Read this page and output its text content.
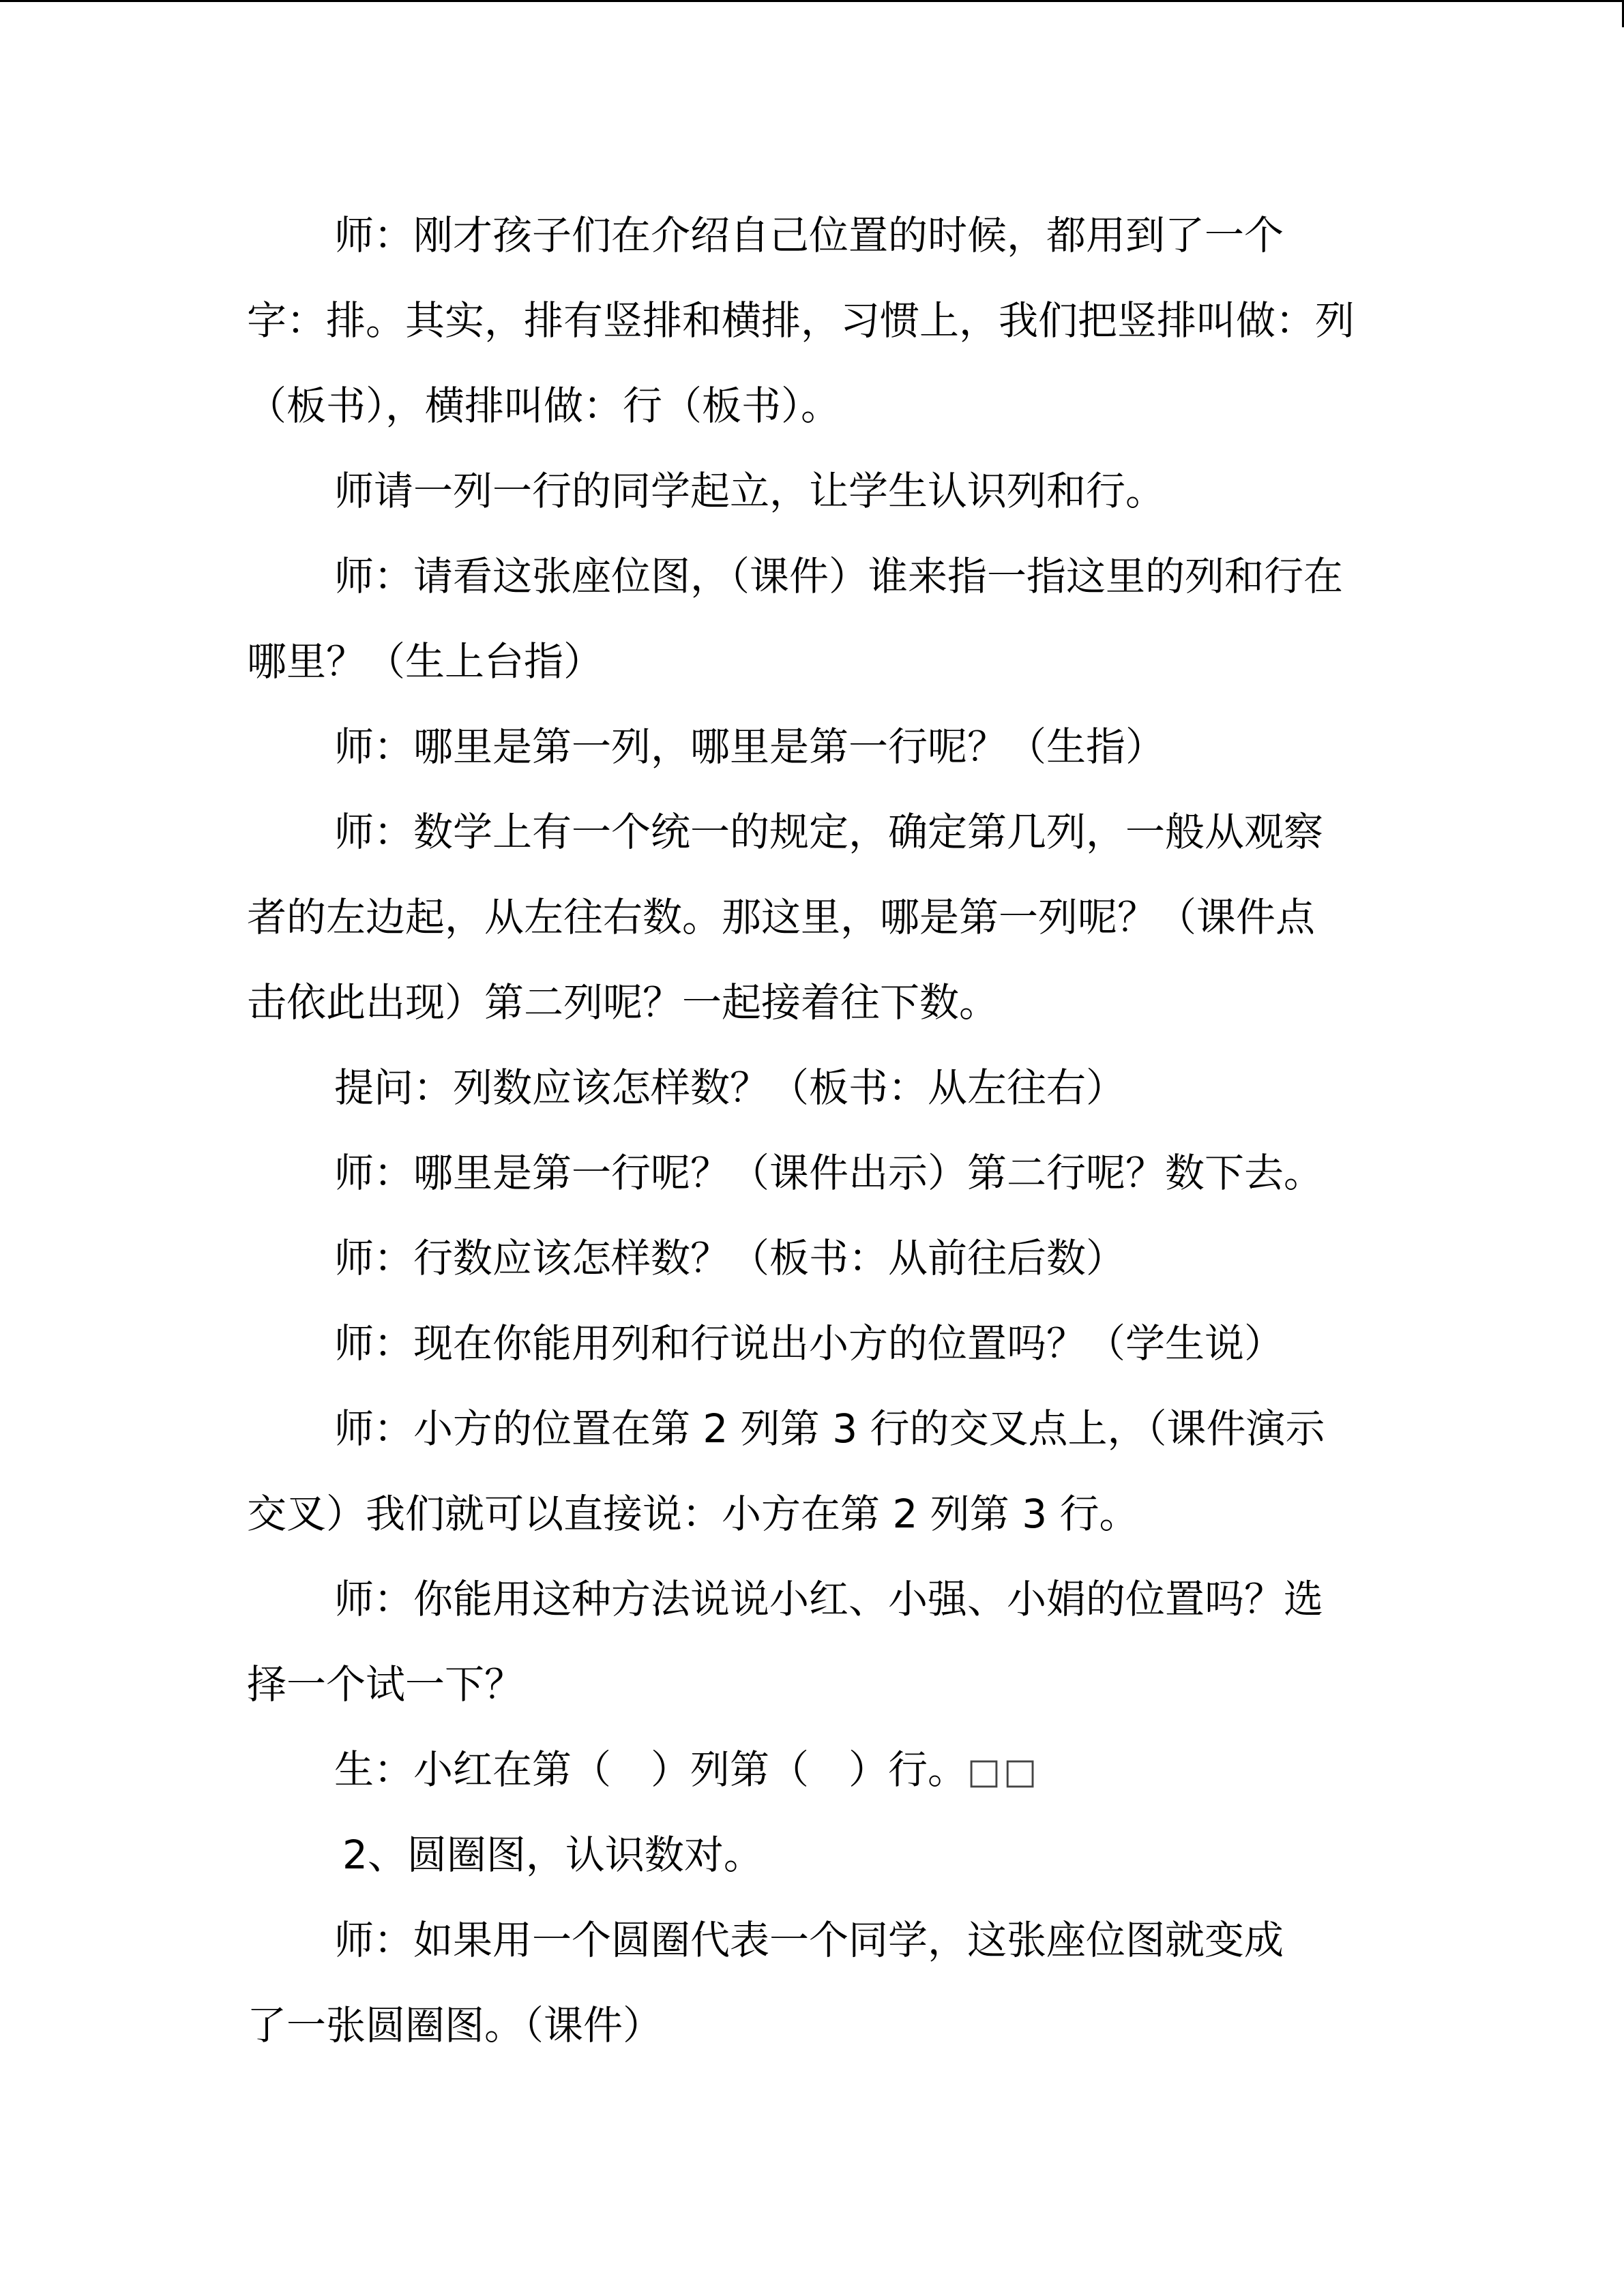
师：刚才孩子们在介绍自己位置的时候，都用到了一个
字：排。其实，排有竖排和横排，习惯上，我们把竖排叫做：列
（板书），横排叫做：行（板书）。
师请一列一行的同学起立，让学生认识列和行。
师：请看这张座位图，（课件）谁来指一指这里的列和行在
哪里？（生上台指）
师：哪里是第一列，哪里是第一行呢？（生指）
师：数学上有一个统一的规定，确定第几列，一般从观察
者的左边起，从左往右数。那这里，哪是第一列呢？（课件点
击依此出现）第二列呢？一起接着往下数。
提问：列数应该怎样数？（板书：从左往右）
师：哪里是第一行呢？（课件出示）第二行呢？数下去。
师：行数应该怎样数？（板书：从前往后数）
师：现在你能用列和行说出小方的位置吗？（学生说）
师：小方的位置在第 2 列第 3 行的交叉点上，（课件演示
交叉）我们就可以直接说：小方在第 2 列第 3 行。
师：你能用这种方法说说小红、小强、小娟的位置吗？选
择一个试一下？
生：小红在第（　）列第（　）行。□□
2、圆圈图，认识数对。
师：如果用一个圆圈代表一个同学，这张座位图就变成
了一张圆圈图。（课件）
